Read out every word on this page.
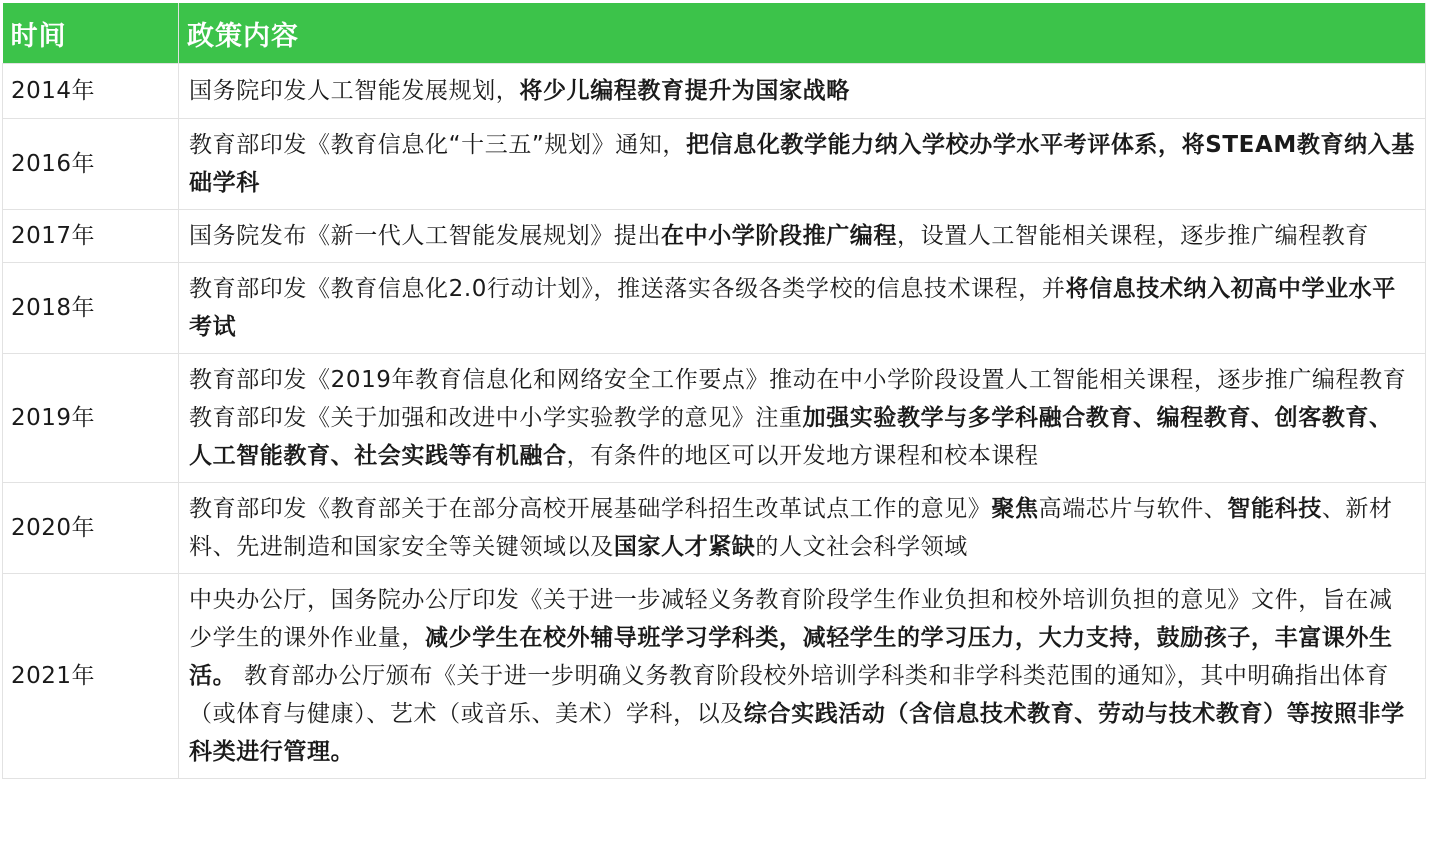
时间	政策内容
2014年	国务院印发人工智能发展规划，将少儿编程教育提升为国家战略

2016年	教育部印发《教育信息化“十三五”规划》通知，把信息化教学能力纳入学校办学水平考评体系，将STEAM教育纳入基础学科

2017年	国务院发布《新一代人工智能发展规划》提出在中小学阶段推广编程，设置人工智能相关课程，逐步推广编程教育

2018年	教育部印发《教育信息化2.0行动计划》，推送落实各级各类学校的信息技术课程，并将信息技术纳入初高中学业水平考试

2019年	教育部印发《2019年教育信息化和网络安全工作要点》推动在中小学阶段设置人工智能相关课程，逐步推广编程教育
教育部印发《关于加强和改进中小学实验教学的意见》注重加强实验教学与多学科融合教育、编程教育、创客教育、人工智能教育、社会实践等有机融合，有条件的地区可以开发地方课程和校本课程

2020年	教育部印发《教育部关于在部分高校开展基础学科招生改革试点工作的意见》聚焦高端芯片与软件、智能科技、新材料、先进制造和国家安全等关键领域以及国家人才紧缺的人文社会科学领域

2021年	中央办公厅，国务院办公厅印发《关于进一步减轻义务教育阶段学生作业负担和校外培训负担的意见》文件，旨在减少学生的课外作业量，减少学生在校外辅导班学习学科类，减轻学生的学习压力，大力支持，鼓励孩子，丰富课外生活。 教育部办公厅颁布《关于进一步明确义务教育阶段校外培训学科类和非学科类范围的通知》，其中明确指出体育（或体育与健康）、艺术（或音乐、美术）学科，以及综合实践活动（含信息技术教育、劳动与技术教育）等按照非学科类进行管理。
